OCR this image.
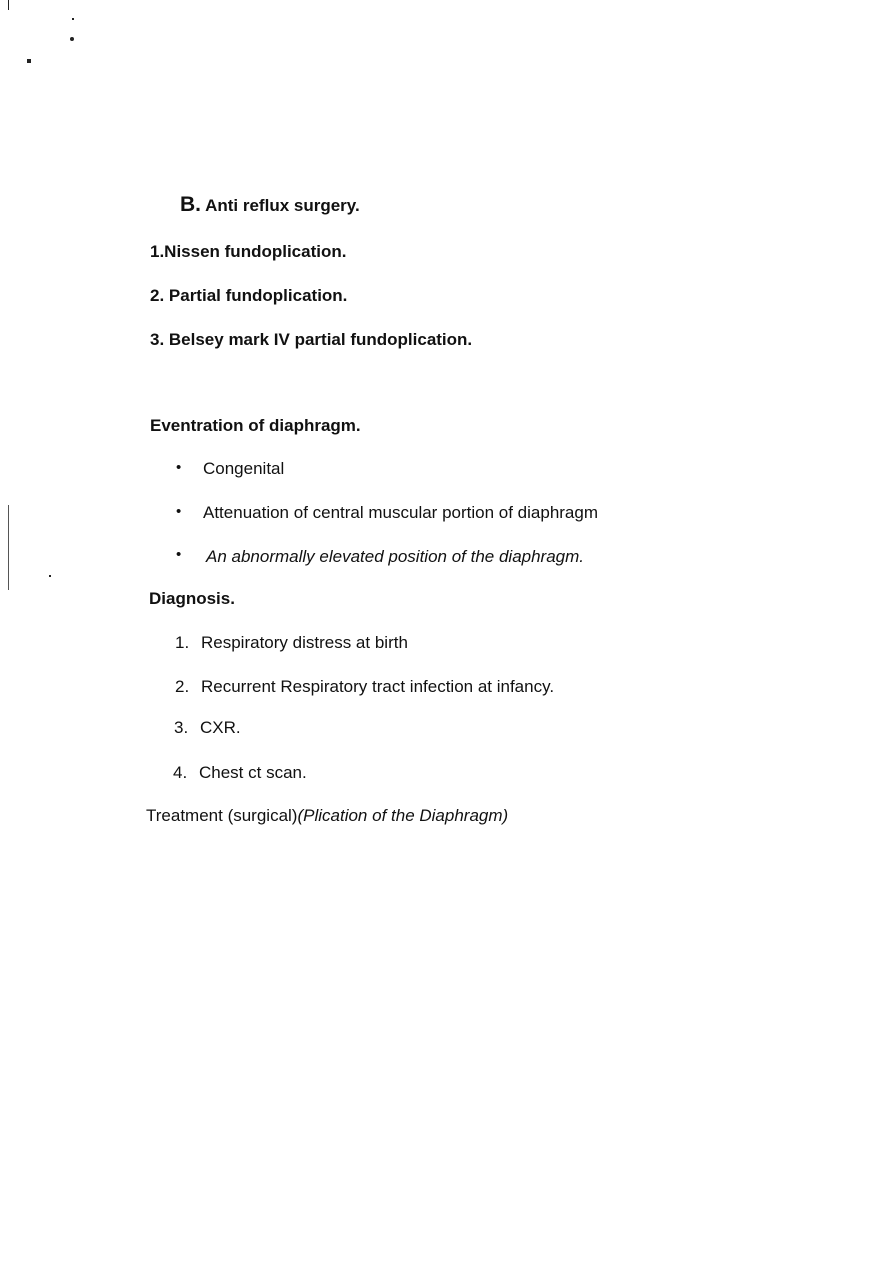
B. Anti reflux surgery.
1.Nissen fundoplication.
2. Partial fundoplication.
3. Belsey mark IV partial fundoplication.
Eventration of diaphragm.
• Congenital
• Attenuation of central muscular portion of diaphragm
• An abnormally elevated position of the diaphragm.
Diagnosis.
1. Respiratory distress at birth
2. Recurrent Respiratory tract infection at infancy.
3. CXR.
4. Chest ct scan.
Treatment (surgical)(Plication of the Diaphragm)
